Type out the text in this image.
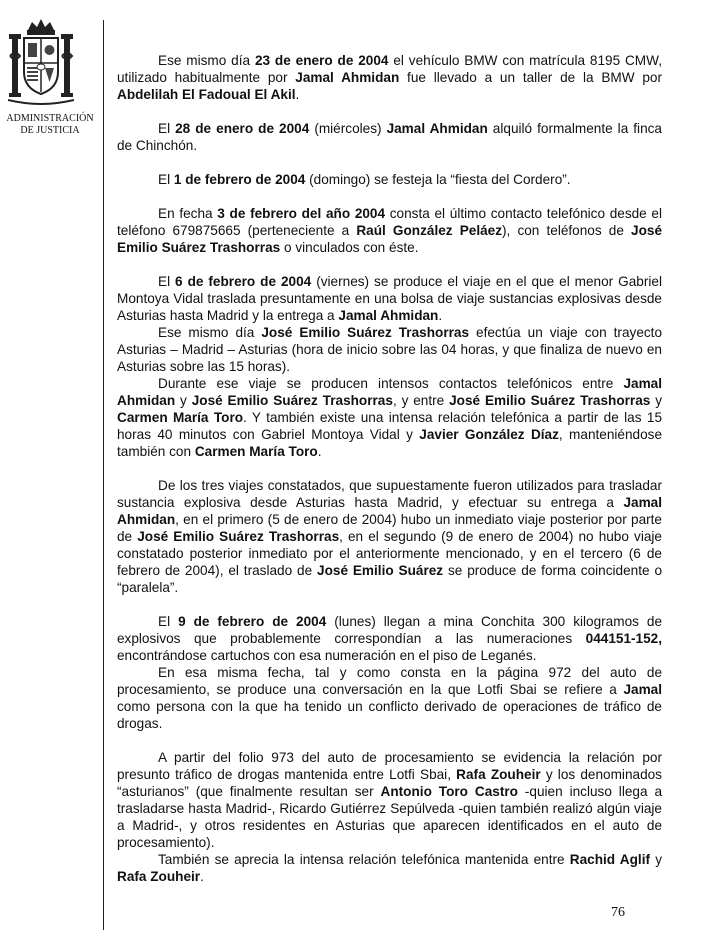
ADMINISTRACIÓN
DE JUSTICIA

Ese mismo día 23 de enero de 2004 el vehículo BMW con matrícula 8195 CMW, utilizado habitualmente por Jamal Ahmidan fue llevado a un taller de la BMW por Abdelilah El Fadoual El Akil.

El 28 de enero de 2004 (miércoles) Jamal Ahmidan alquiló formalmente la finca de Chinchón.

El 1 de febrero de 2004 (domingo) se festeja la “fiesta del Cordero”.

En fecha 3 de febrero del año 2004 consta el último contacto telefónico desde el teléfono 679875665 (perteneciente a Raúl González Peláez), con teléfonos de José Emilio Suárez Trashorras o vinculados con éste.

El 6 de febrero de 2004 (viernes) se produce el viaje en el que el menor Gabriel Montoya Vidal traslada presuntamente en una bolsa de viaje sustancias explosivas desde Asturias hasta Madrid y la entrega a Jamal Ahmidan.

Ese mismo día José Emilio Suárez Trashorras efectúa un viaje con trayecto Asturias – Madrid – Asturias (hora de inicio sobre las 04 horas, y que finaliza de nuevo en Asturias sobre las 15 horas).

Durante ese viaje se producen intensos contactos telefónicos entre Jamal Ahmidan y José Emilio Suárez Trashorras, y entre José Emilio Suárez Trashorras y Carmen María Toro. Y también existe una intensa relación telefónica a partir de las 15 horas 40 minutos con Gabriel Montoya Vidal y Javier González Díaz, manteniéndose también con Carmen María Toro.

De los tres viajes constatados, que supuestamente fueron utilizados para trasladar sustancia explosiva desde Asturias hasta Madrid, y efectuar su entrega a Jamal Ahmidan, en el primero (5 de enero de 2004) hubo un inmediato viaje posterior por parte de José Emilio Suárez Trashorras, en el segundo (9 de enero de 2004) no hubo viaje constatado posterior inmediato por el anteriormente mencionado, y en el tercero (6 de febrero de 2004), el traslado de José Emilio Suárez se produce de forma coincidente o “paralela”.

El 9 de febrero de 2004 (lunes) llegan a mina Conchita 300 kilogramos de explosivos que probablemente correspondían a las numeraciones 044151-152, encontrándose cartuchos con esa numeración en el piso de Leganés.

En esa misma fecha, tal y como consta en la página 972 del auto de procesamiento, se produce una conversación en la que Lotfi Sbai se refiere a Jamal como persona con la que ha tenido un conflicto derivado de operaciones de tráfico de drogas.

A partir del folio 973 del auto de procesamiento se evidencia la relación por presunto tráfico de drogas mantenida entre Lotfi Sbai, Rafa Zouheir y los denominados “asturianos” (que finalmente resultan ser Antonio Toro Castro -quien incluso llega a trasladarse hasta Madrid-, Ricardo Gutiérrez Sepúlveda -quien también realizó algún viaje a Madrid-, y otros residentes en Asturias que aparecen identificados en el auto de procesamiento).

También se aprecia la intensa relación telefónica mantenida entre Rachid Aglif y Rafa Zouheir.

76
